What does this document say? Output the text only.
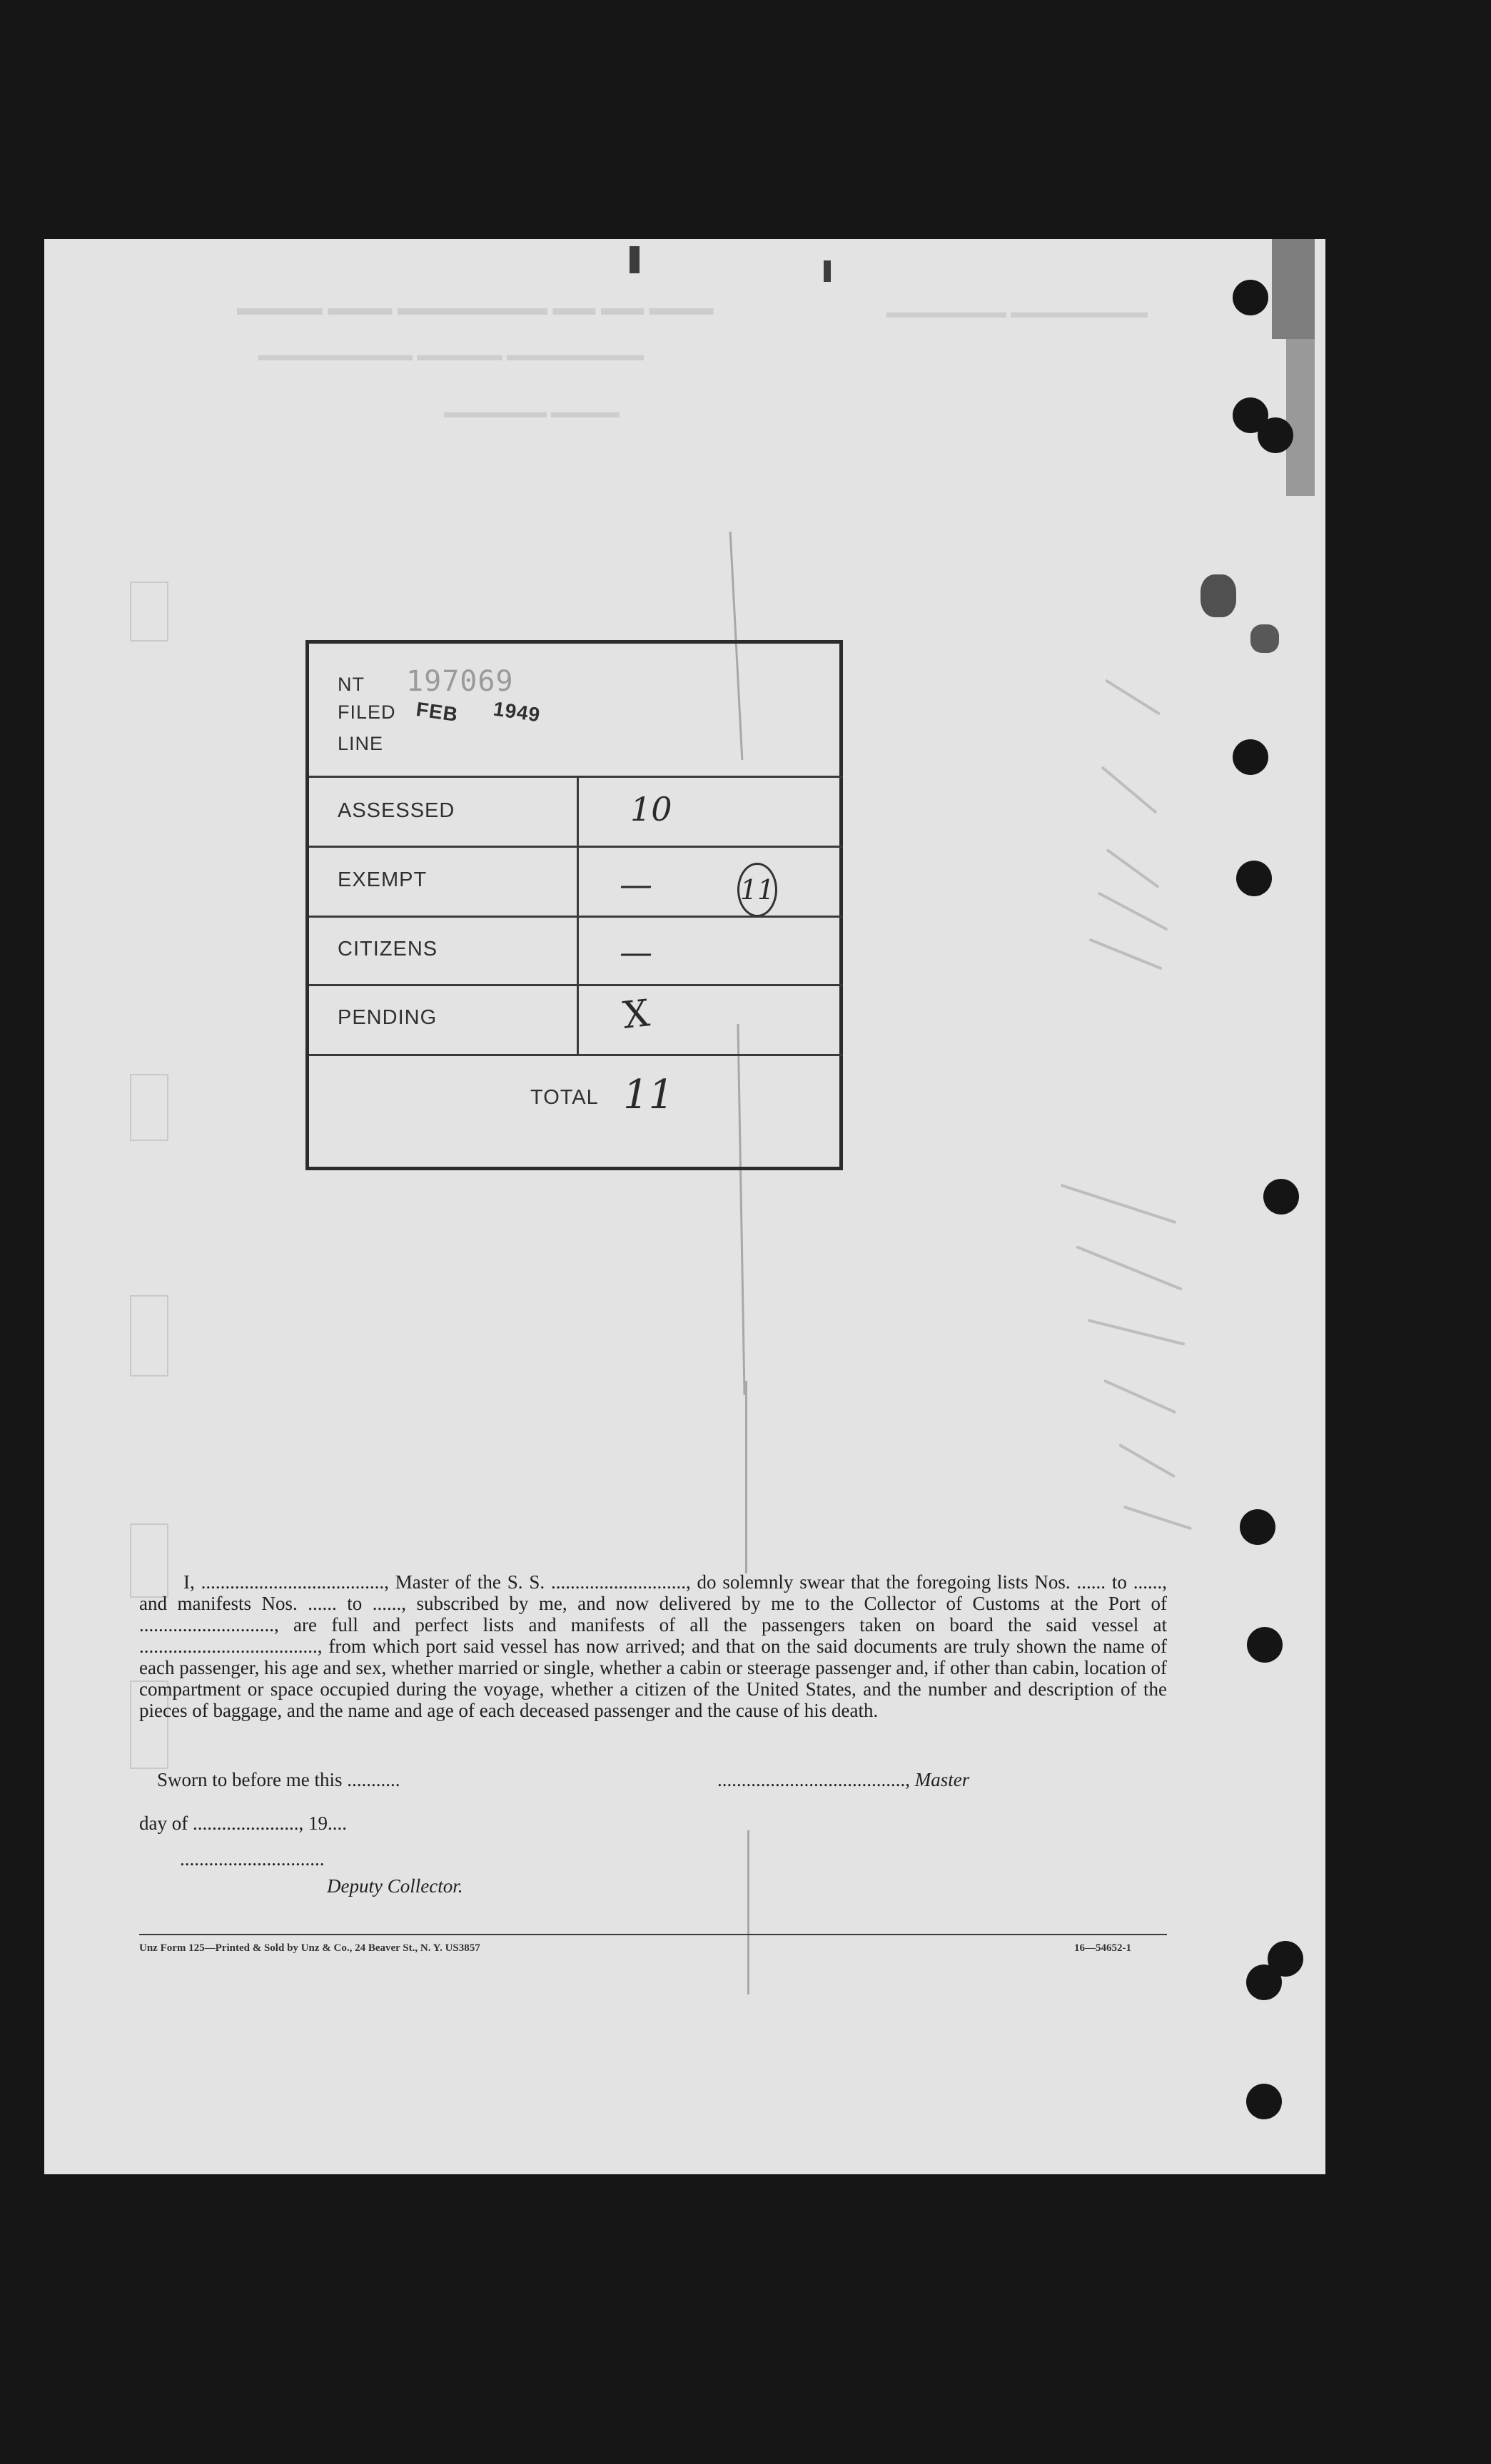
▬▬▬▬ ▬▬▬ ▬▬▬▬▬▬▬ ▬▬ ▬▬ ▬▬▬
▬▬▬▬▬▬▬▬▬ ▬▬▬▬▬ ▬▬▬▬▬▬▬▬
▬▬▬▬▬▬▬ ▬▬▬▬▬▬▬▬
▬▬▬▬▬▬ ▬▬▬▬
NT 197069
FILED FEB 1949
LINE
ASSESSED	10
EXEMPT	—	11
CITIZENS	—
PENDING	X
TOTAL 11
I, ......................................, Master of the S. S. ............................, do solemnly swear that the foregoing lists Nos. ...... to ......, and manifests Nos. ...... to ......, subscribed by me, and now delivered by me to the Collector of Customs at the Port of ............................, are full and perfect lists and manifests of all the passengers taken on board the said vessel at ....................................., from which port said vessel has now arrived; and that on the said documents are truly shown the name of each passenger, his age and sex, whether married or single, whether a cabin or steerage passenger and, if other than cabin, location of compartment or space occupied during the voyage, whether a citizen of the United States, and the number and description of the pieces of baggage, and the name and age of each deceased passenger and the cause of his death.
Sworn to before me this ...........	......................................., Master
day of ......................, 19....
..............................
Deputy Collector.
Unz Form 125—Printed & Sold by Unz & Co., 24 Beaver St., N. Y. US3857	16—54652-1
